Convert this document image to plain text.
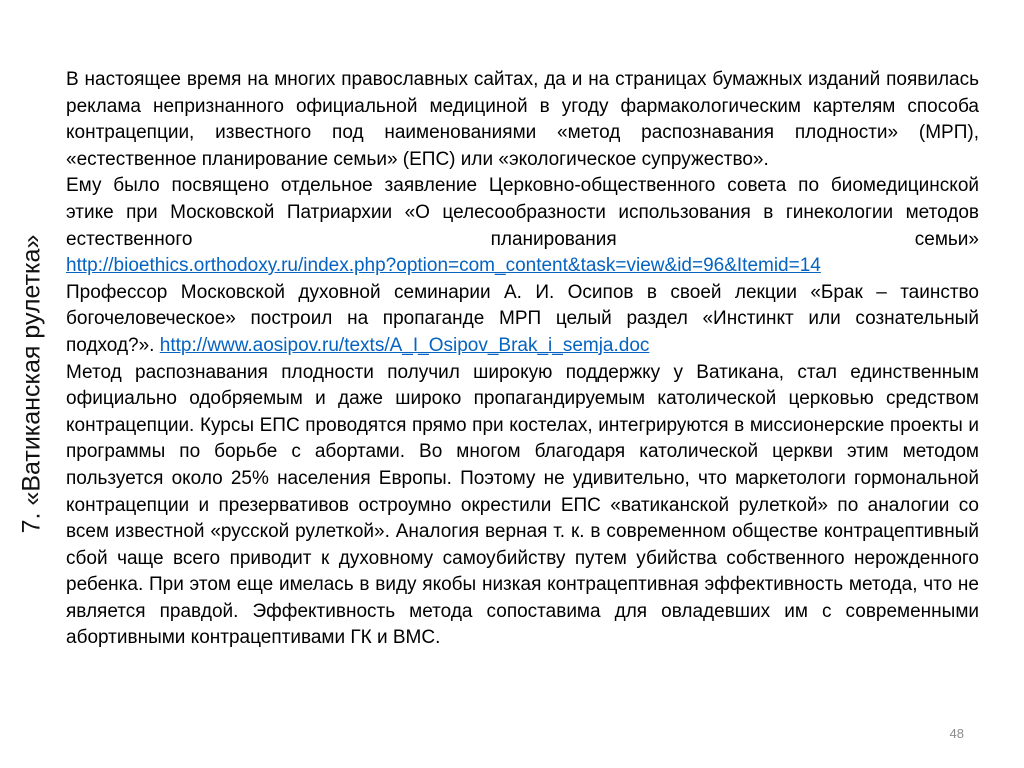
7. «Ватиканская рулетка»

В настоящее время на многих православных сайтах, да и на страницах бумажных изданий появилась реклама непризнанного официальной медициной в угоду фармакологическим картелям способа контрацепции, известного под наименованиями «метод распознавания плодности» (МРП), «естественное планирование семьи» (ЕПС) или «экологическое супружество».

Ему было посвящено отдельное заявление Церковно-общественного совета по биомедицинской этике при Московской Патриархии «О целесообразности использования в гинекологии методов естественного планирования семьи»

http://bioethics.orthodoxy.ru/index.php?option=com_content&task=view&id=96&Itemid=14

Профессор Московской духовной семинарии А. И. Осипов в своей лекции «Брак – таинство богочеловеческое» построил на пропаганде МРП целый раздел «Инстинкт или сознательный подход?». http://www.aosipov.ru/texts/A_I_Osipov_Brak_i_semja.doc

Метод распознавания плодности получил широкую поддержку у Ватикана, стал единственным официально одобряемым и даже широко пропагандируемым католической церковью средством контрацепции. Курсы ЕПС проводятся прямо при костелах, интегрируются в миссионерские проекты и программы по борьбе с абортами. Во многом благодаря католической церкви этим методом пользуется около 25% населения Европы. Поэтому не удивительно, что маркетологи гормональной контрацепции и презервативов остроумно окрестили ЕПС «ватиканской рулеткой» по аналогии со всем известной «русской рулеткой». Аналогия верная т. к. в современном обществе контрацептивный сбой чаще всего приводит к духовному самоубийству путем убийства собственного нерожденного ребенка. При этом еще имелась в виду якобы низкая контрацептивная эффективность метода, что не является правдой. Эффективность метода сопоставима для овладевших им с современными абортивными контрацептивами ГК и ВМС.

48
